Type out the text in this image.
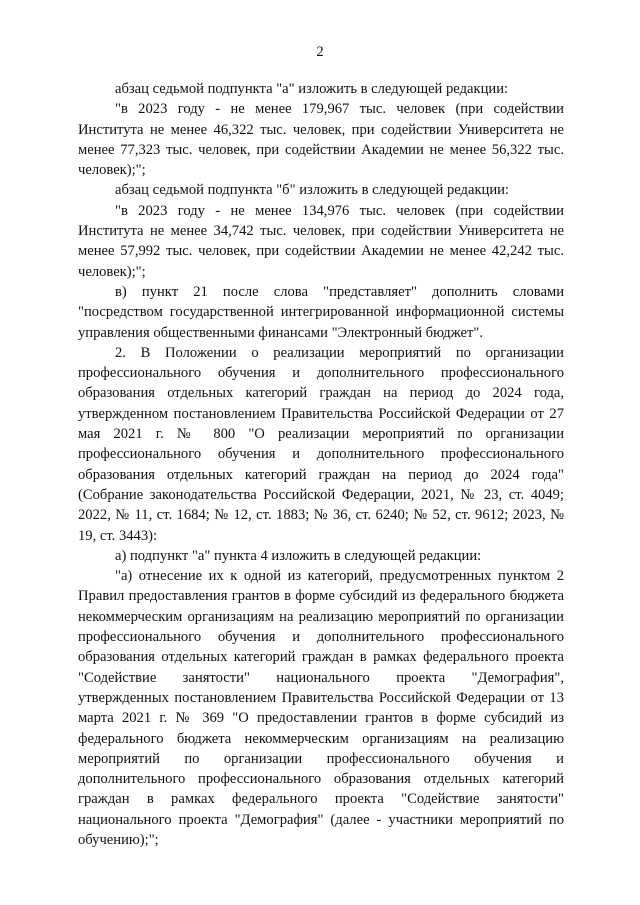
2

абзац седьмой подпункта "а" изложить в следующей редакции:

"в 2023 году - не менее 179,967 тыс. человек (при содействии Института не менее 46,322 тыс. человек, при содействии Университета не менее 77,323 тыс. человек, при содействии Академии не менее 56,322 тыс. человек);";

абзац седьмой подпункта "б" изложить в следующей редакции:

"в 2023 году - не менее 134,976 тыс. человек (при содействии Института не менее 34,742 тыс. человек, при содействии Университета не менее 57,992 тыс. человек, при содействии Академии не менее 42,242 тыс. человек);";

в) пункт 21 после слова "представляет" дополнить словами "посредством государственной интегрированной информационной системы управления общественными финансами "Электронный бюджет".

2. В Положении о реализации мероприятий по организации профессионального обучения и дополнительного профессионального образования отдельных категорий граждан на период до 2024 года, утвержденном постановлением Правительства Российской Федерации от 27 мая 2021 г. № 800 "О реализации мероприятий по организации профессионального обучения и дополнительного профессионального образования отдельных категорий граждан на период до 2024 года" (Собрание законодательства Российской Федерации, 2021, № 23, ст. 4049; 2022, № 11, ст. 1684; № 12, ст. 1883; № 36, ст. 6240; № 52, ст. 9612; 2023, № 19, ст. 3443):

а) подпункт "а" пункта 4 изложить в следующей редакции:

"а) отнесение их к одной из категорий, предусмотренных пунктом 2 Правил предоставления грантов в форме субсидий из федерального бюджета некоммерческим организациям на реализацию мероприятий по организации профессионального обучения и дополнительного профессионального образования отдельных категорий граждан в рамках федерального проекта "Содействие занятости" национального проекта "Демография", утвержденных постановлением Правительства Российской Федерации от 13 марта 2021 г. № 369 "О предоставлении грантов в форме субсидий из федерального бюджета некоммерческим организациям на реализацию мероприятий по организации профессионального обучения и дополнительного профессионального образования отдельных категорий граждан в рамках федерального проекта "Содействие занятости" национального проекта "Демография" (далее - участники мероприятий по обучению);";
